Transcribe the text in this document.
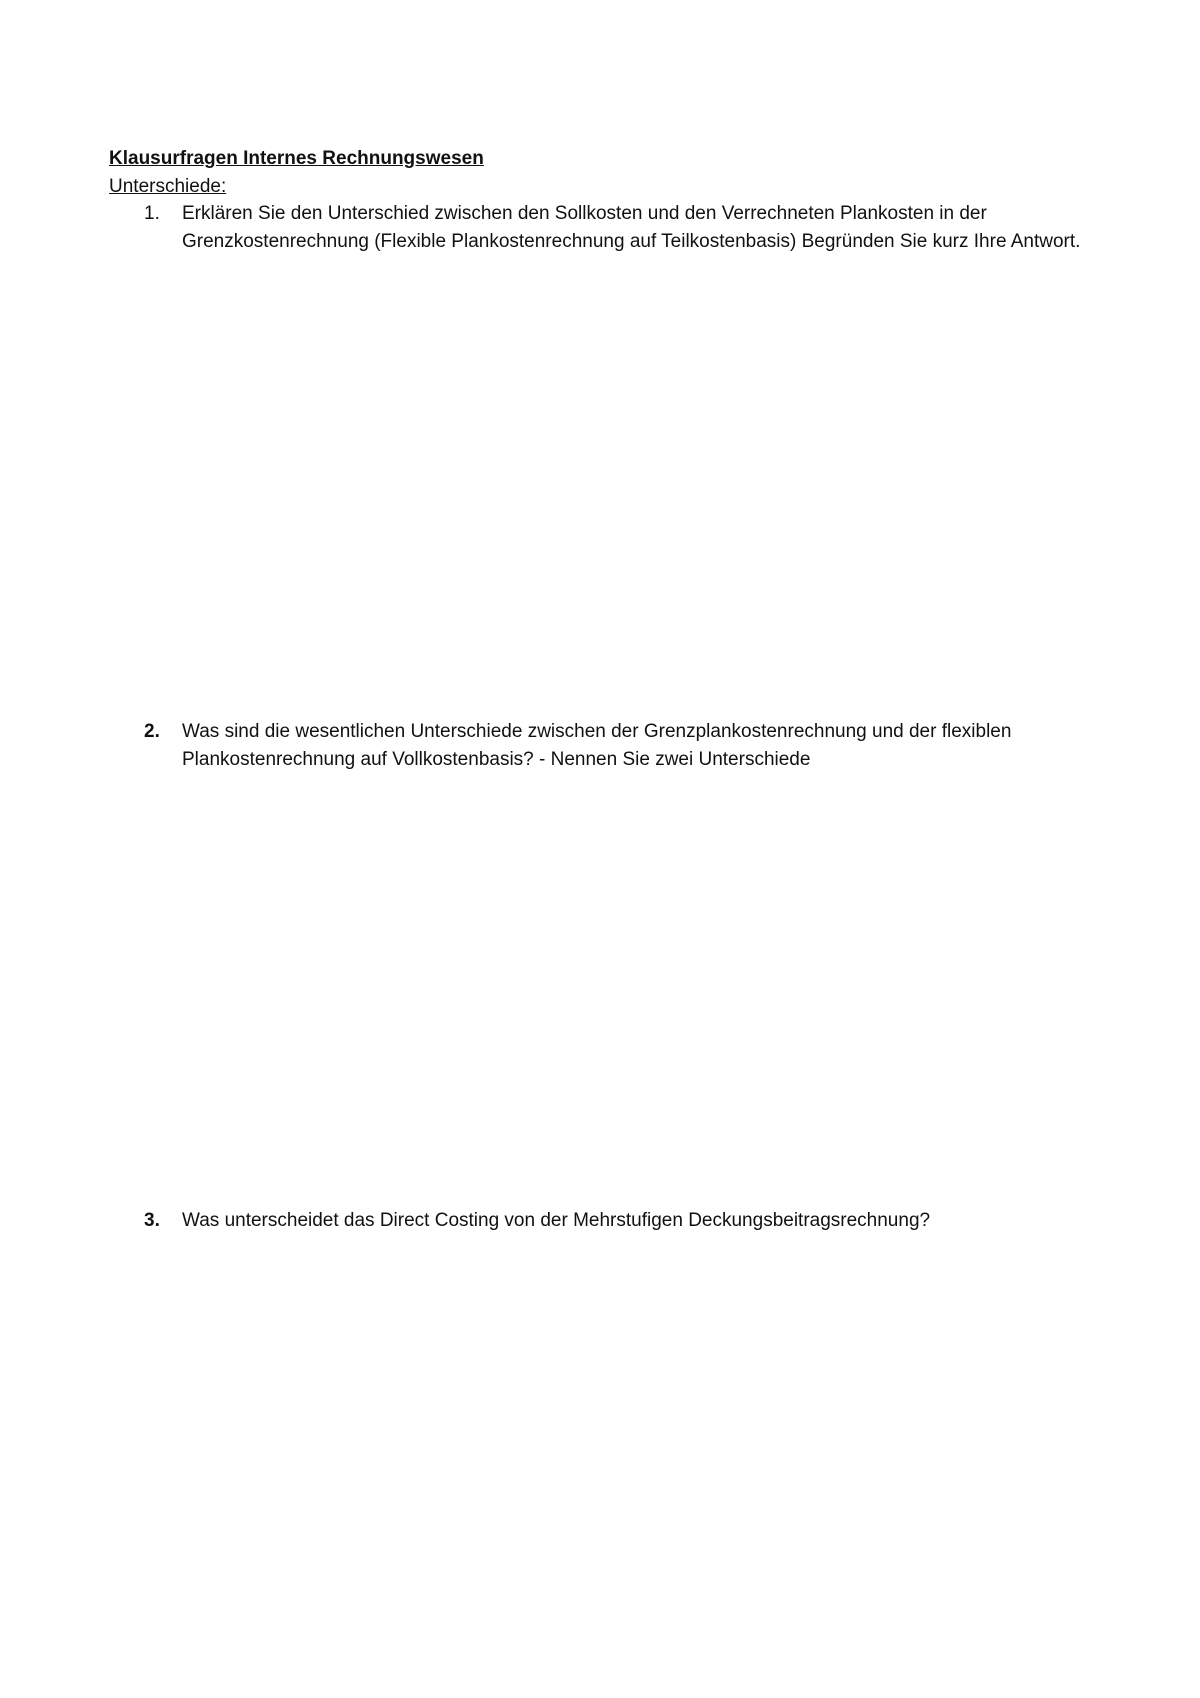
Klausurfragen Internes Rechnungswesen

Unterschiede:

1.	Erklären Sie den Unterschied zwischen den Sollkosten und den Verrechneten Plankosten in der Grenzkostenrechnung (Flexible Plankostenrechnung auf Teilkostenbasis) Begründen Sie kurz Ihre Antwort.
2.	Was sind die wesentlichen Unterschiede zwischen der Grenzplankostenrechnung und der flexiblen Plankostenrechnung auf Vollkostenbasis? - Nennen Sie zwei Unterschiede
3.	Was unterscheidet das Direct Costing von der Mehrstufigen Deckungsbeitragsrechnung?
